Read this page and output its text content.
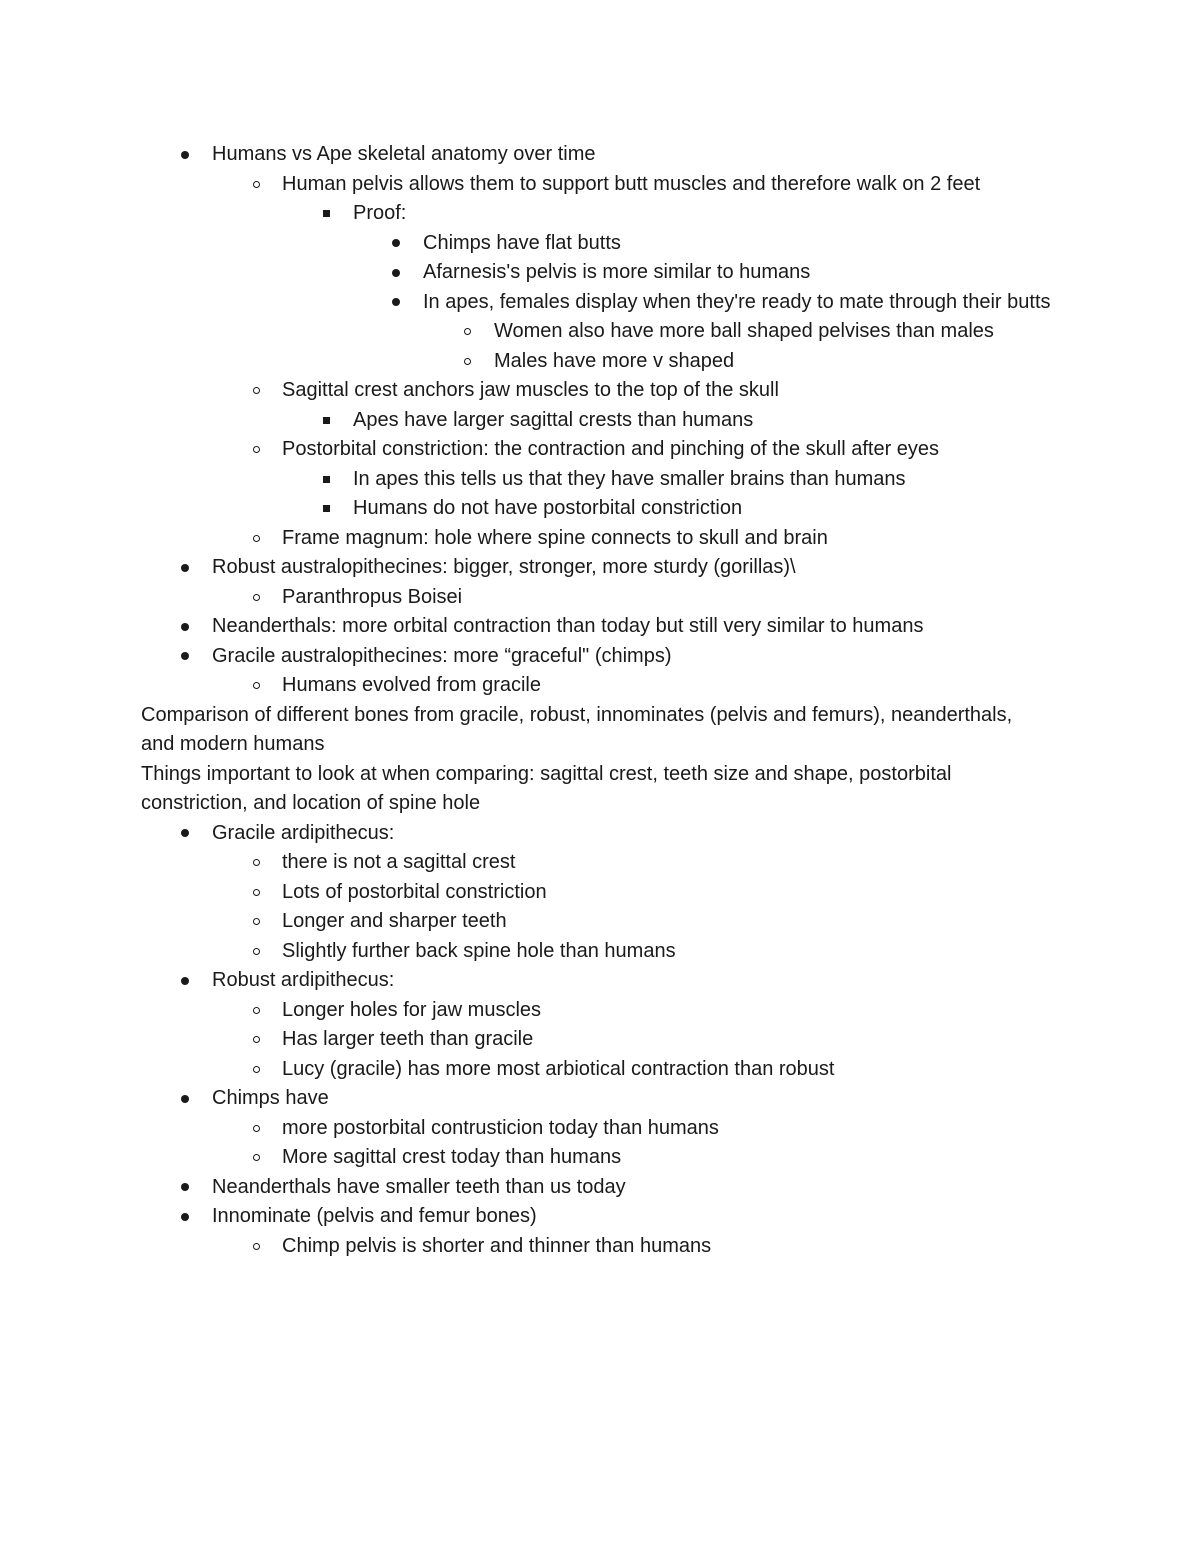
Humans vs Ape skeletal anatomy over time
Human pelvis allows them to support butt muscles and therefore walk on 2 feet
Proof:
Chimps have flat butts
Afarnesis's pelvis is more similar to humans
In apes, females display when they're ready to mate through their butts
Women also have more ball shaped pelvises than males
Males have more v shaped
Sagittal crest anchors jaw muscles to the top of the skull
Apes have larger sagittal crests than humans
Postorbital constriction: the contraction and pinching of the skull after eyes
In apes this tells us that they have smaller brains than humans
Humans do not have postorbital constriction
Frame magnum: hole where spine connects to skull and brain
Robust australopithecines: bigger, stronger, more sturdy (gorillas)\
Paranthropus Boisei
Neanderthals: more orbital contraction than today but still very similar to humans
Gracile australopithecines: more “graceful" (chimps)
Humans evolved from gracile
Comparison of different bones from gracile, robust, innominates (pelvis and femurs), neanderthals, and modern humans
Things important to look at when comparing: sagittal crest, teeth size and shape, postorbital constriction, and location of spine hole
Gracile ardipithecus:
there is not a sagittal crest
Lots of postorbital constriction
Longer and sharper teeth
Slightly further back spine hole than humans
Robust ardipithecus:
Longer holes for jaw muscles
Has larger teeth than gracile
Lucy (gracile) has more most arbiotical contraction than robust
Chimps have
more postorbital contrusticion today than humans
More sagittal crest today than humans
Neanderthals have smaller teeth than us today
Innominate (pelvis and femur bones)
Chimp pelvis is shorter and thinner than humans
